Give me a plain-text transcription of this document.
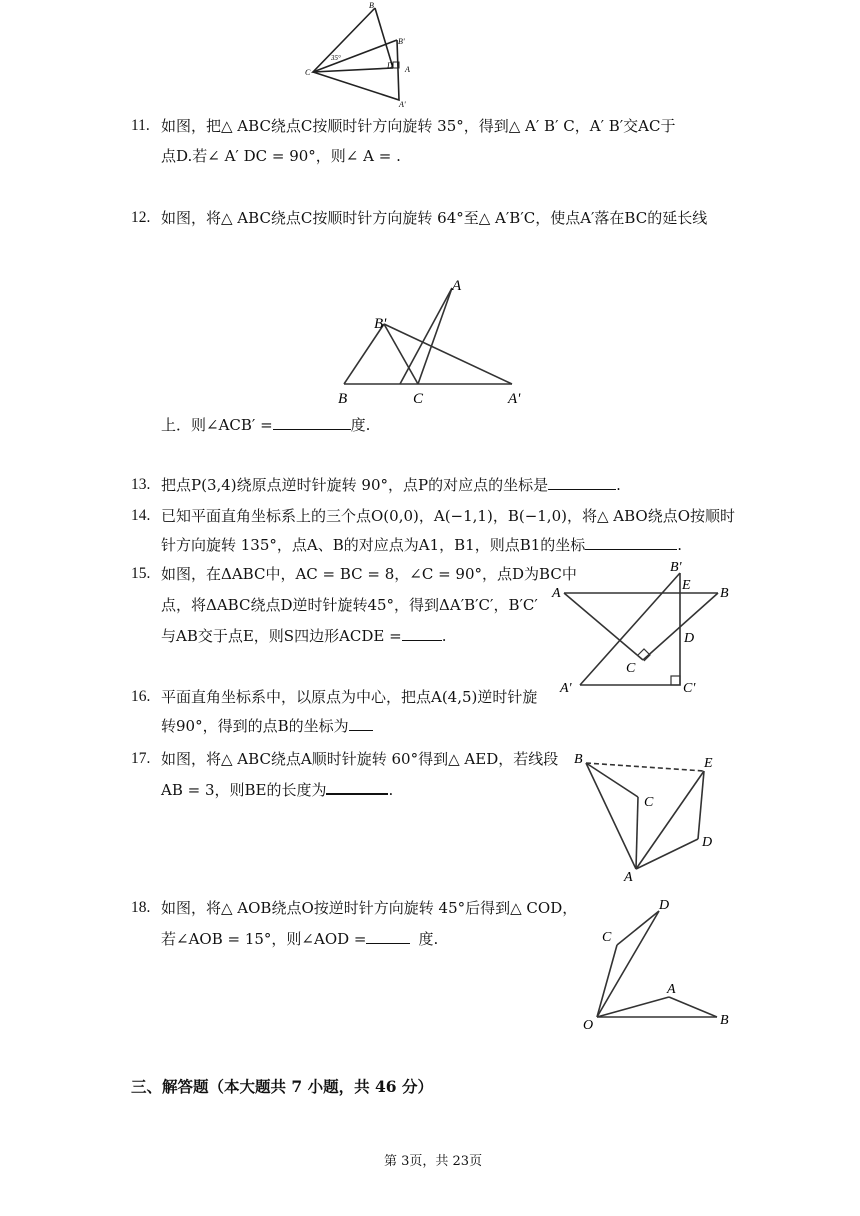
B
B'
C
D A
A'
35°
11. 如图，把△ ABC绕点C按顺时针方向旋转 35°，得到△ A′ B′ C，A′ B′交AC于
点D.若∠ A′ DC = 90°，则∠ A = .
12. 如图，将△ ABC绕点C按顺时针方向旋转 64°至△ A′B′C，使点A′落在BC的延长线
A
B'
B	C	A'
上．则∠ACB′ =	度.
13. 把点P(3,4)绕原点逆时针旋转 90°，点P的对应点的坐标是	.
14. 已知平面直角坐标系上的三个点O(0,0)，A(−1,1)，B(−1,0)，将△ ABO绕点O按顺时
针方向旋转 135°，点A、B的对应点为A1，B1，则点B1的坐标	.
15. 如图，在ΔABC中，AC = BC = 8，∠C = 90°，点D为BC中
点，将ΔABC绕点D逆时针旋转45°，得到ΔA′B′C′，B′C′
与AB交于点E，则S四边形ACDE =	.
A
B'
E
B
D
C
A'	C'
16. 平面直角坐标系中，以原点为中心，把点A(4,5)逆时针旋
转90°，得到的点B的坐标为
17. 如图，将△ ABC绕点A顺时针旋转 60°得到△ AED，若线段
AB = 3，则BE的长度为	.
B	E
C
D
A
18. 如图，将△ AOB绕点O按逆时针方向旋转 45°后得到△ COD，
若∠AOB = 15°，则∠AOD =	度.
D
C
A
O	B
三、解答题（本大题共 7 小题，共 46 分）
第 3页，共 23页
